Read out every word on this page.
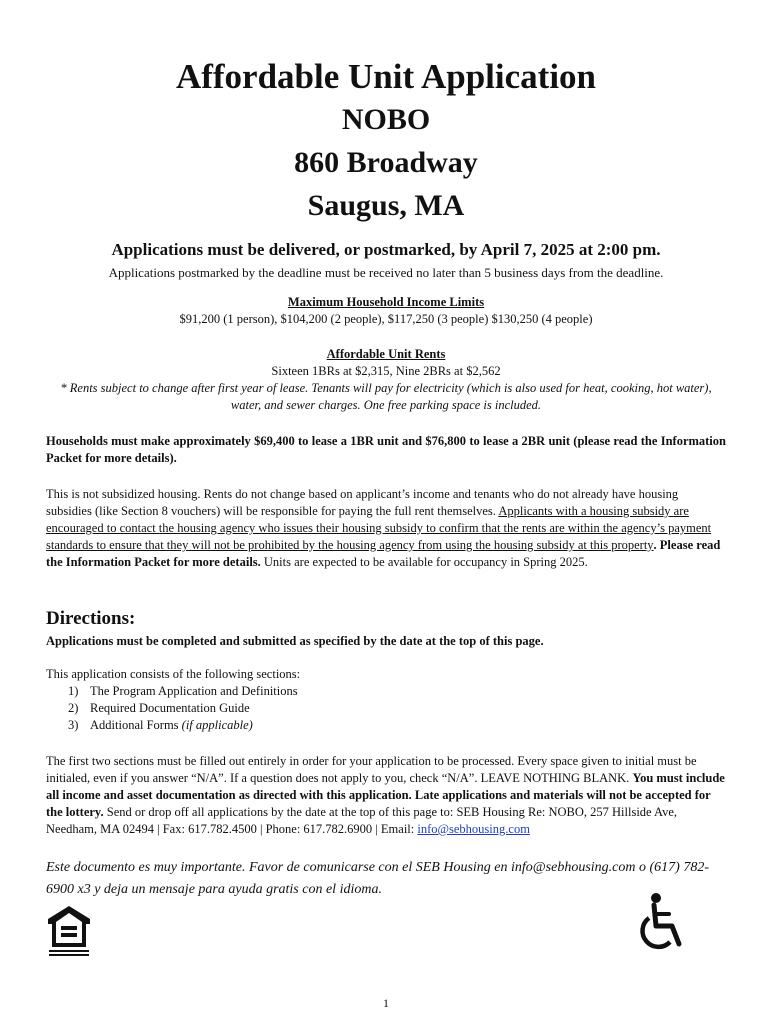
Affordable Unit Application
NOBO
860 Broadway
Saugus, MA
Applications must be delivered, or postmarked, by April 7, 2025 at 2:00 pm.
Applications postmarked by the deadline must be received no later than 5 business days from the deadline.
Maximum Household Income Limits
$91,200 (1 person), $104,200 (2 people), $117,250 (3 people) $130,250 (4 people)
Affordable Unit Rents
Sixteen 1BRs at $2,315, Nine 2BRs at $2,562
* Rents subject to change after first year of lease. Tenants will pay for electricity (which is also used for heat, cooking, hot water), water, and sewer charges. One free parking space is included.
Households must make approximately $69,400 to lease a 1BR unit and $76,800 to lease a 2BR unit (please read the Information Packet for more details).
This is not subsidized housing. Rents do not change based on applicant’s income and tenants who do not already have housing subsidies (like Section 8 vouchers) will be responsible for paying the full rent themselves. Applicants with a housing subsidy are encouraged to contact the housing agency who issues their housing subsidy to confirm that the rents are within the agency’s payment standards to ensure that they will not be prohibited by the housing agency from using the housing subsidy at this property. Please read the Information Packet for more details. Units are expected to be available for occupancy in Spring 2025.
Directions:
Applications must be completed and submitted as specified by the date at the top of this page.
This application consists of the following sections:
1) The Program Application and Definitions
2) Required Documentation Guide
3) Additional Forms (if applicable)
The first two sections must be filled out entirely in order for your application to be processed. Every space given to initial must be initialed, even if you answer “N/A”. If a question does not apply to you, check “N/A”. LEAVE NOTHING BLANK. You must include all income and asset documentation as directed with this application. Late applications and materials will not be accepted for the lottery. Send or drop off all applications by the date at the top of this page to: SEB Housing Re: NOBO, 257 Hillside Ave, Needham, MA 02494 | Fax: 617.782.4500 | Phone: 617.782.6900 | Email: info@sebhousing.com
Este documento es muy importante. Favor de comunicarse con el SEB Housing en info@sebhousing.com o (617) 782-6900 x3 y deja un mensaje para ayuda gratis con el idioma.
1
